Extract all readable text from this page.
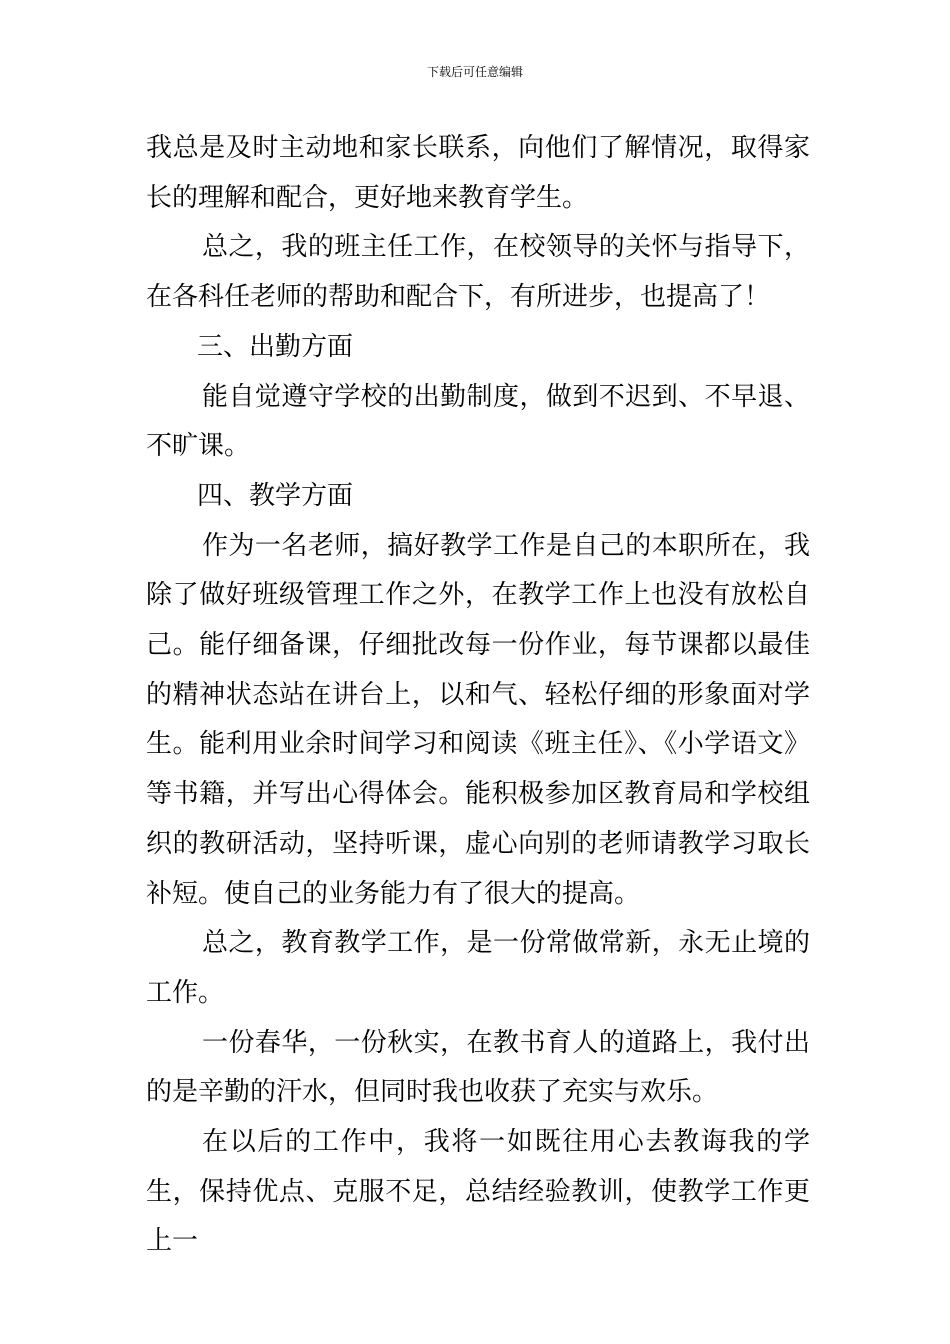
下载后可任意编辑

我总是及时主动地和家长联系，向他们了解情况，取得家长的理解和配合，更好地来教育学生。

总之，我的班主任工作，在校领导的关怀与指导下，在各科任老师的帮助和配合下，有所进步，也提高了！

三、出勤方面

能自觉遵守学校的出勤制度，做到不迟到、不早退、不旷课。

四、教学方面

作为一名老师，搞好教学工作是自己的本职所在，我除了做好班级管理工作之外，在教学工作上也没有放松自己。能仔细备课，仔细批改每一份作业，每节课都以最佳的精神状态站在讲台上，以和气、轻松仔细的形象面对学生。能利用业余时间学习和阅读《班主任》、《小学语文》等书籍，并写出心得体会。能积极参加区教育局和学校组织的教研活动，坚持听课，虚心向别的老师请教学习取长补短。使自己的业务能力有了很大的提高。

总之，教育教学工作，是一份常做常新，永无止境的工作。

一份春华，一份秋实，在教书育人的道路上，我付出的是辛勤的汗水，但同时我也收获了充实与欢乐。

在以后的工作中，我将一如既往用心去教诲我的学生，保持优点、克服不足，总结经验教训，使教学工作更上一
